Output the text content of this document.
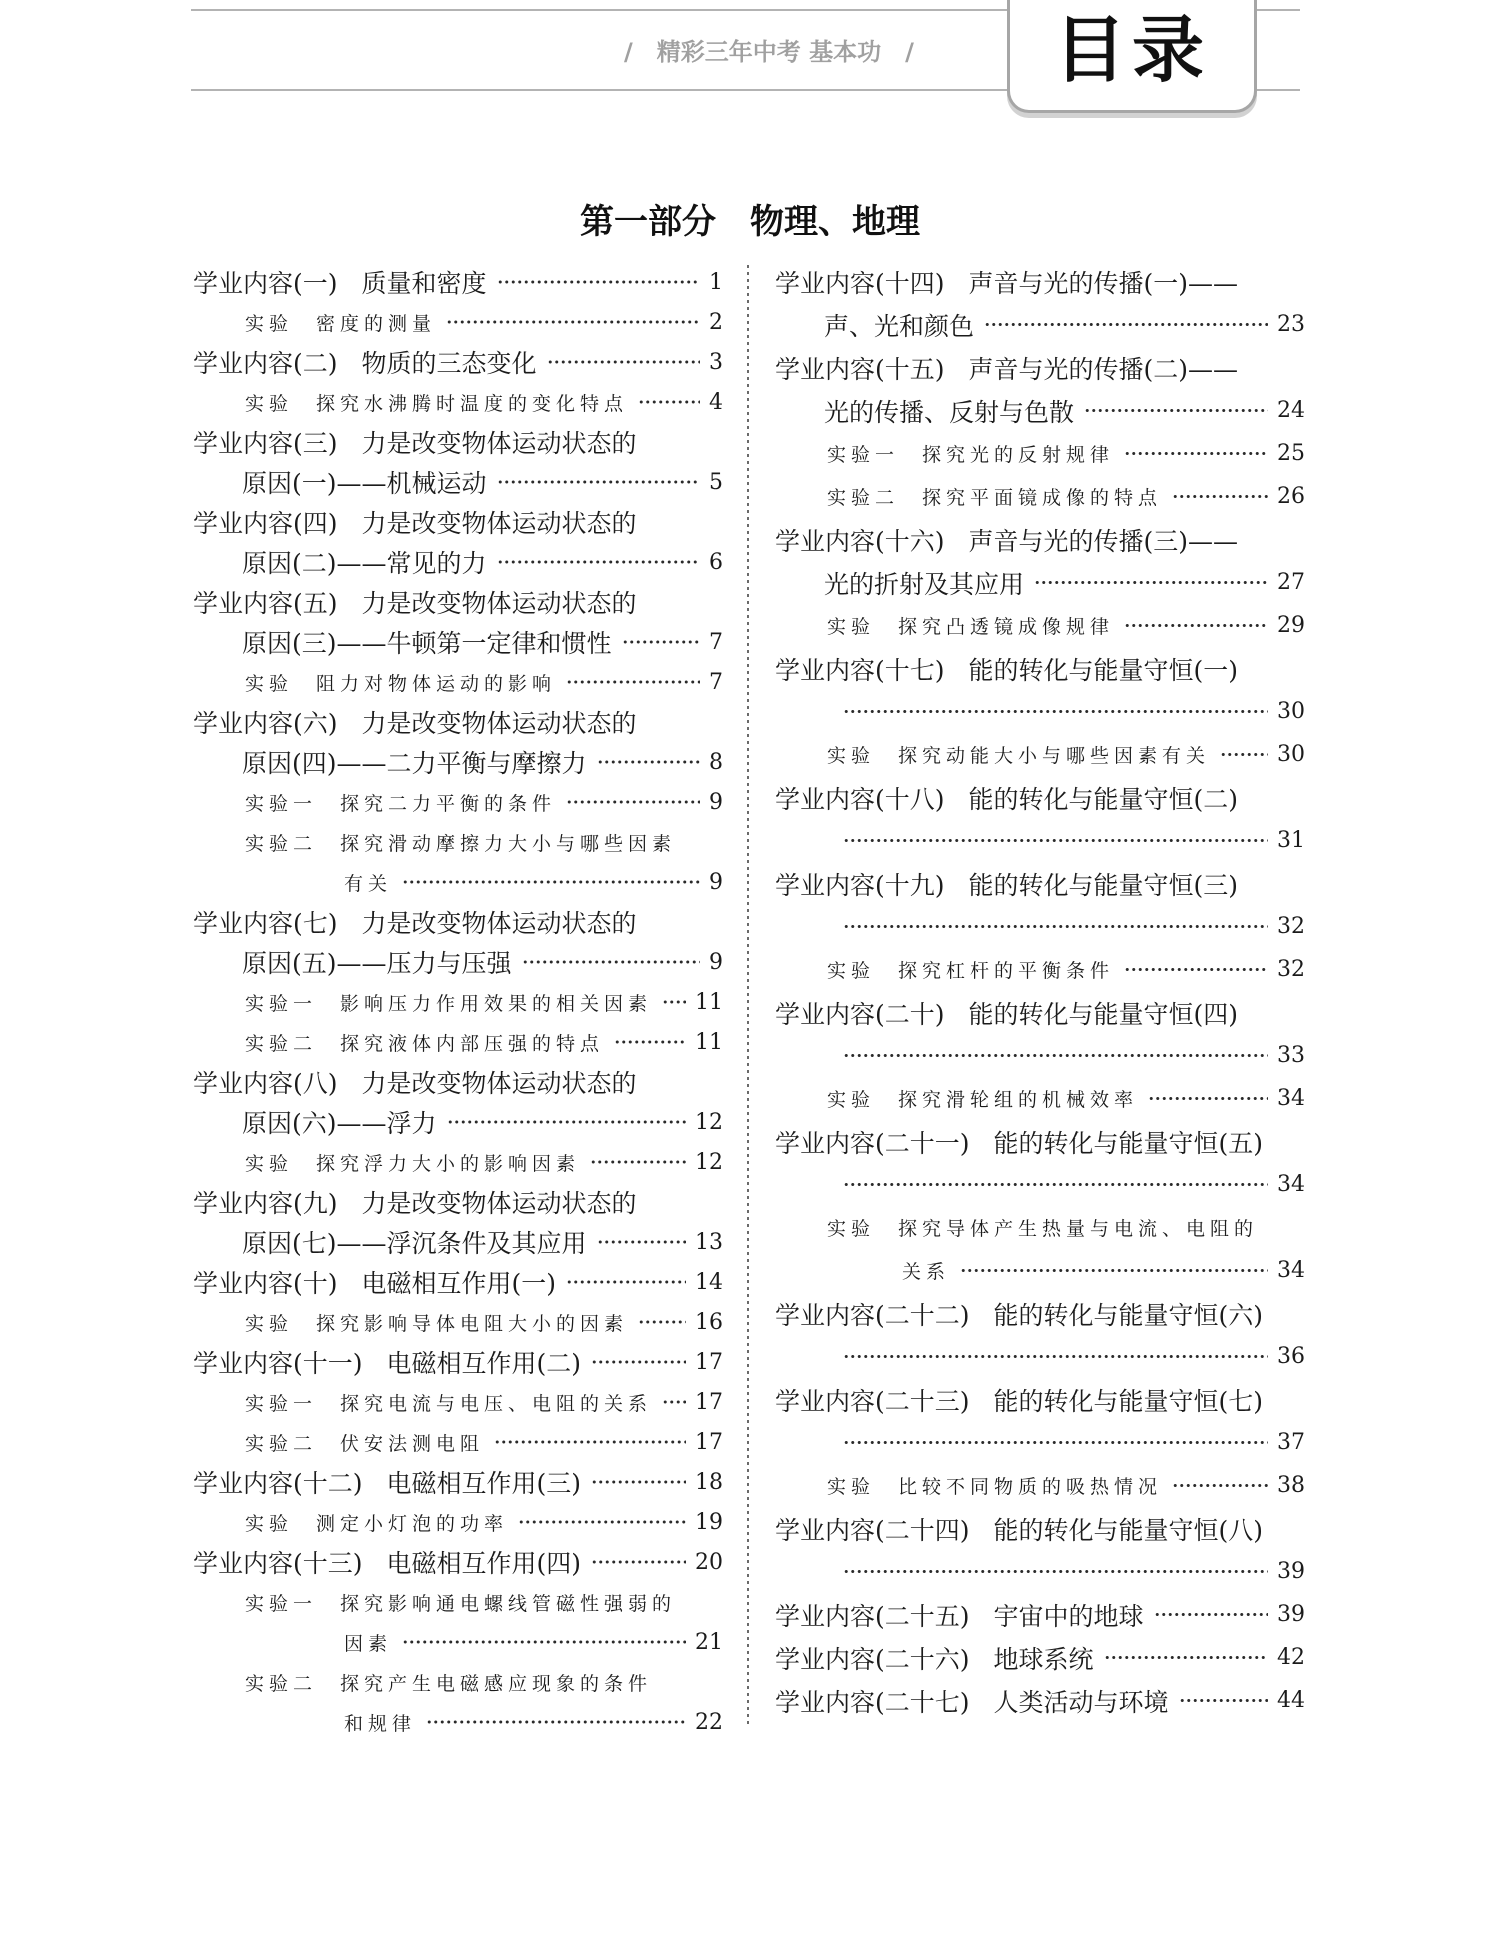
/　精彩三年中考 基本功　/	目录
第一部分　物理、地理
学业内容(一) 质量和密度	1
实验 密度的测量	2
学业内容(二) 物质的三态变化	3
实验 探究水沸腾时温度的变化特点	4
学业内容(三) 力是改变物体运动状态的
原因(一)——机械运动	5
学业内容(四) 力是改变物体运动状态的
原因(二)——常见的力	6
学业内容(五) 力是改变物体运动状态的
原因(三)——牛顿第一定律和惯性	7
实验 阻力对物体运动的影响	7
学业内容(六) 力是改变物体运动状态的
原因(四)——二力平衡与摩擦力	8
实验一 探究二力平衡的条件	9
实验二 探究滑动摩擦力大小与哪些因素
有关	9
学业内容(七) 力是改变物体运动状态的
原因(五)——压力与压强	9
实验一 影响压力作用效果的相关因素 11
实验二 探究液体内部压强的特点	11
学业内容(八) 力是改变物体运动状态的
原因(六)——浮力	12
实验 探究浮力大小的影响因素	12
学业内容(九) 力是改变物体运动状态的
原因(七)——浮沉条件及其应用	13
学业内容(十) 电磁相互作用(一)	14
实验 探究影响导体电阻大小的因素	16
学业内容(十一) 电磁相互作用(二)	17
实验一 探究电流与电压、电阻的关系 17
实验二 伏安法测电阻	17
学业内容(十二) 电磁相互作用(三)	18
实验 测定小灯泡的功率	19
学业内容(十三) 电磁相互作用(四)	20
实验一 探究影响通电螺线管磁性强弱的
因素	21
实验二 探究产生电磁感应现象的条件
和规律	22
学业内容(十四) 声音与光的传播(一)——
声、光和颜色	23
学业内容(十五) 声音与光的传播(二)——
光的传播、反射与色散	24
实验一 探究光的反射规律	25
实验二 探究平面镜成像的特点	26
学业内容(十六) 声音与光的传播(三)——
光的折射及其应用	27
实验 探究凸透镜成像规律	29
学业内容(十七) 能的转化与能量守恒(一)
30
实验 探究动能大小与哪些因素有关	30
学业内容(十八) 能的转化与能量守恒(二)
31
学业内容(十九) 能的转化与能量守恒(三)
32
实验 探究杠杆的平衡条件	32
学业内容(二十) 能的转化与能量守恒(四)
33
实验 探究滑轮组的机械效率	34
学业内容(二十一) 能的转化与能量守恒(五)
34
实验 探究导体产生热量与电流、电阻的
关系	34
学业内容(二十二) 能的转化与能量守恒(六)
36
学业内容(二十三) 能的转化与能量守恒(七)
37
实验 比较不同物质的吸热情况	38
学业内容(二十四) 能的转化与能量守恒(八)
39
学业内容(二十五) 宇宙中的地球	39
学业内容(二十六) 地球系统	42
学业内容(二十七) 人类活动与环境	44
